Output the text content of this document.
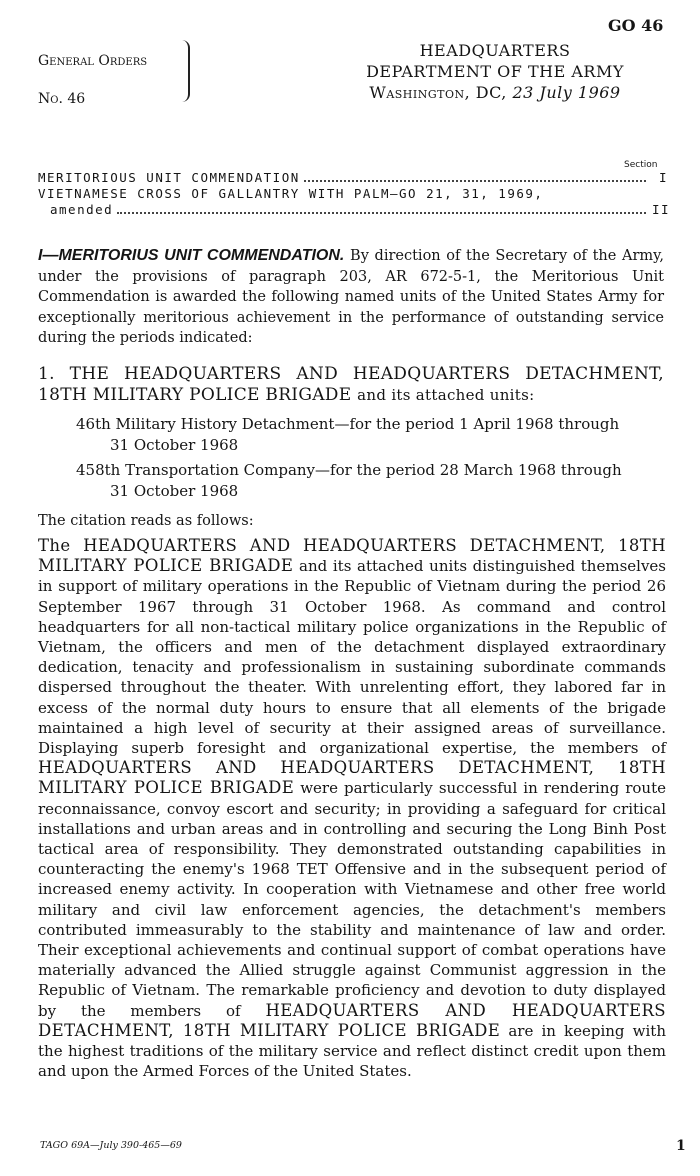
GO 46
General Orders
No. 46
HEADQUARTERS
DEPARTMENT OF THE ARMY
Washington, DC, 23 July 1969
Section
MERITORIOUS UNIT COMMENDATION	I
VIETNAMESE CROSS OF GALLANTRY WITH PALM—GO 21, 31, 1969,
amended	II
I—MERITORIUS UNIT COMMENDATION. By direction of the Secretary of the Army, under the provisions of paragraph 203, AR 672-5-1, the Meritorious Unit Commendation is awarded the following named units of the United States Army for exceptionally meritorious achievement in the performance of outstanding service during the periods indicated:
1. THE HEADQUARTERS AND HEADQUARTERS DETACHMENT, 18TH MILITARY POLICE BRIGADE and its attached units:
46th Military History Detachment—for the period 1 April 1968 through
31 October 1968
458th Transportation Company—for the period 28 March 1968 through
31 October 1968
The citation reads as follows:
The HEADQUARTERS AND HEADQUARTERS DETACHMENT, 18TH MILITARY POLICE BRIGADE and its attached units distinguished themselves in support of military operations in the Republic of Vietnam during the period 26 September 1967 through 31 October 1968. As command and control headquarters for all non-tactical military police organizations in the Republic of Vietnam, the officers and men of the detachment displayed extraordinary dedication, tenacity and professionalism in sustaining subordinate commands dispersed throughout the theater. With unrelenting effort, they labored far in excess of the normal duty hours to ensure that all elements of the brigade maintained a high level of security at their assigned areas of surveillance. Displaying superb foresight and organizational expertise, the members of HEADQUARTERS AND HEADQUARTERS DETACHMENT, 18TH MILITARY POLICE BRIGADE were particularly successful in rendering route reconnaissance, convoy escort and security; in providing a safeguard for critical installations and urban areas and in controlling and securing the Long Binh Post tactical area of responsibility. They demonstrated outstanding capabilities in counteracting the enemy's 1968 TET Offensive and in the subsequent period of increased enemy activity. In cooperation with Vietnamese and other free world military and civil law enforcement agencies, the detachment's members contributed immeasurably to the stability and maintenance of law and order. Their exceptional achievements and continual support of combat operations have materially advanced the Allied struggle against Communist aggression in the Republic of Vietnam. The remarkable proficiency and devotion to duty displayed by the members of HEADQUARTERS AND HEADQUARTERS DETACHMENT, 18TH MILITARY POLICE BRIGADE are in keeping with the highest traditions of the military service and reflect distinct credit upon them and upon the Armed Forces of the United States.
TAGO 69A—July 390-465—69	1
